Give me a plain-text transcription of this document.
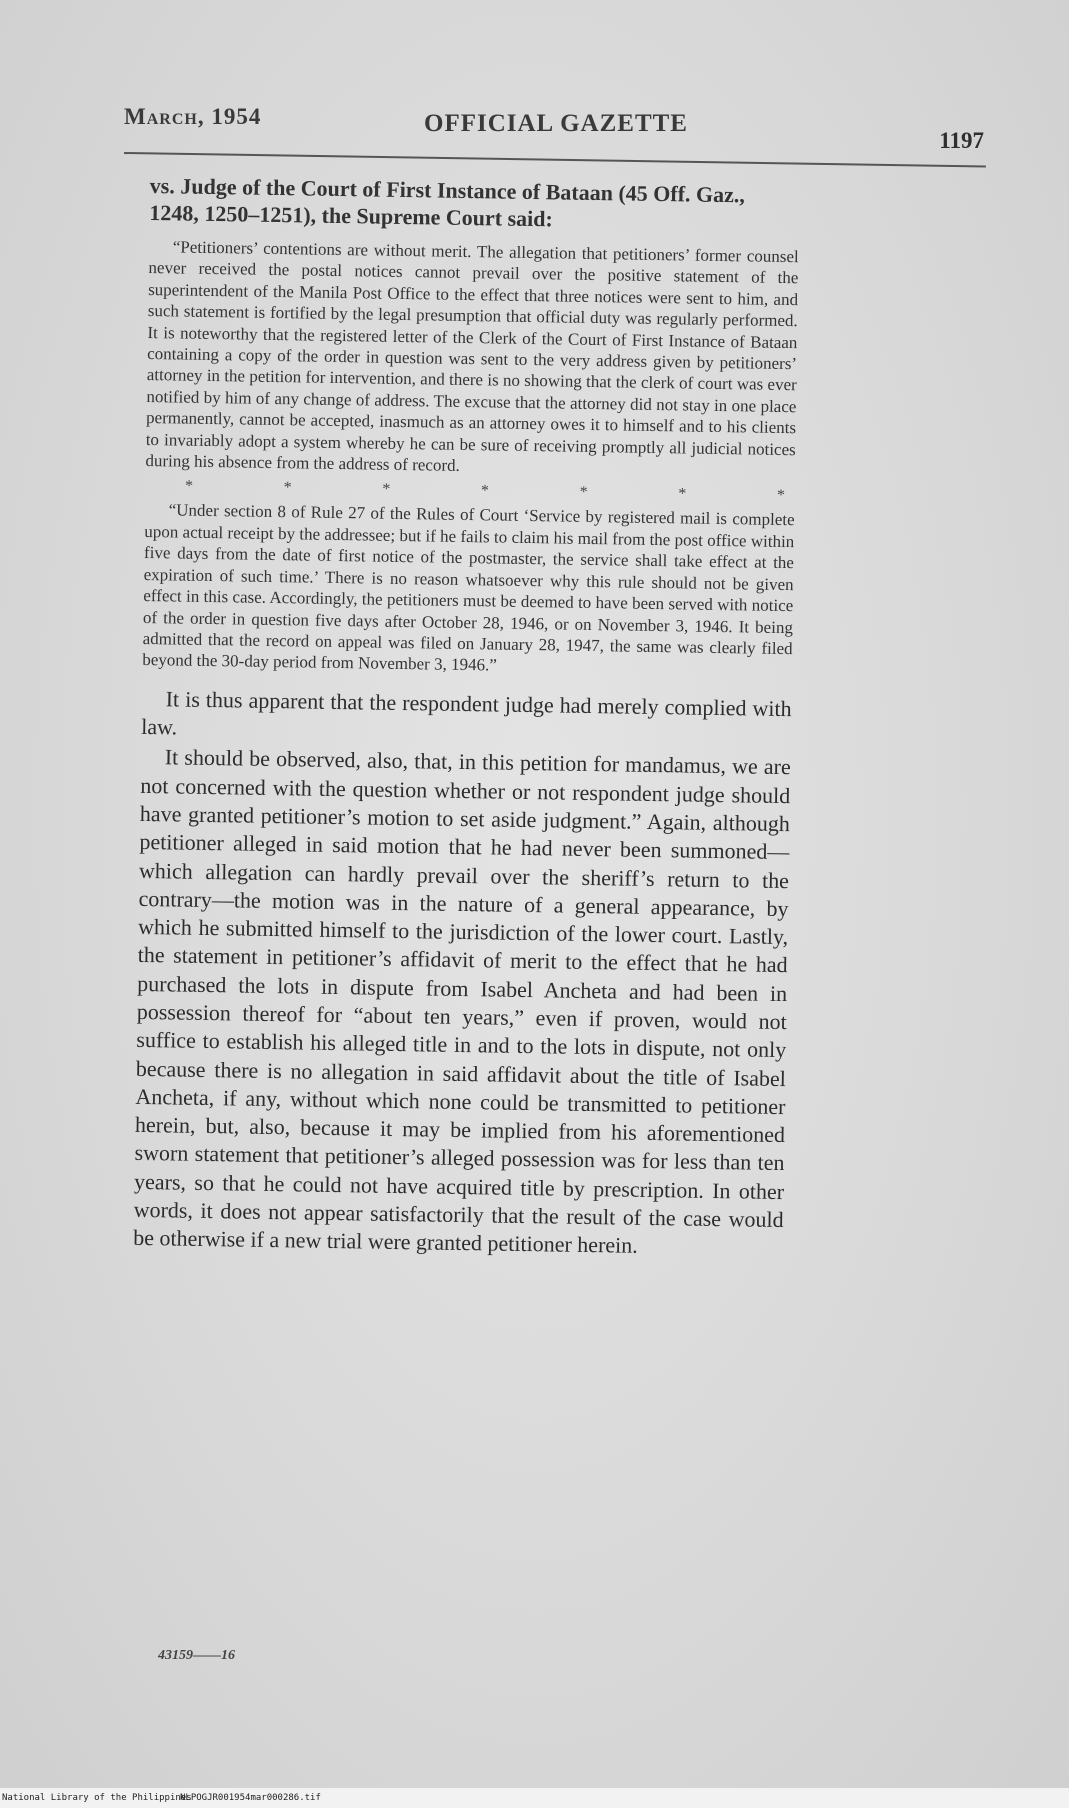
March, 1954	OFFICIAL GAZETTE
1197
vs. Judge of the Court of First Instance of Bataan (45 Off. Gaz., 1248, 1250–1251), the Supreme Court said:

“Petitioners’ contentions are without merit. The allegation that petitioners’ former counsel never received the postal notices cannot prevail over the positive statement of the superintendent of the Manila Post Office to the effect that three notices were sent to him, and such statement is fortified by the legal presumption that official duty was regularly performed. It is noteworthy that the registered letter of the Clerk of the Court of First Instance of Bataan containing a copy of the order in question was sent to the very address given by petitioners’ attorney in the petition for intervention, and there is no showing that the clerk of court was ever notified by him of any change of address. The excuse that the attorney did not stay in one place permanently, cannot be accepted, inasmuch as an attorney owes it to himself and to his clients to invariably adopt a system whereby he can be sure of receiving promptly all judicial notices during his absence from the address of record.

*	*	*	*	*	*	*

“Under section 8 of Rule 27 of the Rules of Court ‘Service by registered mail is complete upon actual receipt by the addressee; but if he fails to claim his mail from the post office within five days from the date of first notice of the postmaster, the service shall take effect at the expiration of such time.’ There is no reason whatsoever why this rule should not be given effect in this case. Accordingly, the petitioners must be deemed to have been served with notice of the order in question five days after October 28, 1946, or on November 3, 1946. It being admitted that the record on appeal was filed on January 28, 1947, the same was clearly filed beyond the 30-day period from November 3, 1946.”

It is thus apparent that the respondent judge had merely complied with law.

It should be observed, also, that, in this petition for mandamus, we are not concerned with the question whether or not respondent judge should have granted petitioner’s motion to set aside judgment.” Again, although petitioner alleged in said motion that he had never been summoned—which allegation can hardly prevail over the sheriff’s return to the contrary—the motion was in the nature of a general appearance, by which he submitted himself to the jurisdiction of the lower court. Lastly, the statement in petitioner’s affidavit of merit to the effect that he had purchased the lots in dispute from Isabel Ancheta and had been in possession thereof for “about ten years,” even if proven, would not suffice to establish his alleged title in and to the lots in dispute, not only because there is no allegation in said affidavit about the title of Isabel Ancheta, if any, without which none could be transmitted to petitioner herein, but, also, because it may be implied from his aforementioned sworn statement that petitioner’s alleged possession was for less than ten years, so that he could not have acquired title by prescription. In other words, it does not appear satisfactorily that the result of the case would be otherwise if a new trial were granted petitioner herein.

43159——16
National Library of the Philippines
NLPOGJR001954mar000286.tif
